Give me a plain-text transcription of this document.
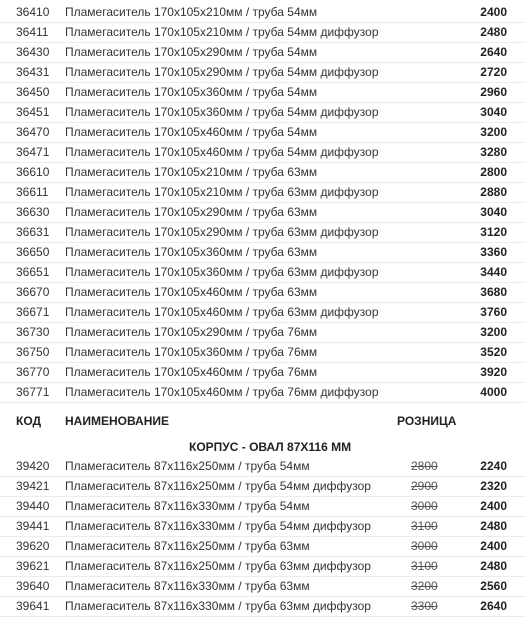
36410 Пламегаситель 170х105х210мм / труба 54мм	2400
36411 Пламегаситель 170х105х210мм / труба 54мм диффузор	2480
36430 Пламегаситель 170х105х290мм / труба 54мм	2640
36431 Пламегаситель 170х105х290мм / труба 54мм диффузор	2720
36450 Пламегаситель 170х105х360мм / труба 54мм	2960
36451 Пламегаситель 170х105х360мм / труба 54мм диффузор	3040
36470 Пламегаситель 170х105х460мм / труба 54мм	3200
36471 Пламегаситель 170х105х460мм / труба 54мм диффузор	3280
36610 Пламегаситель 170х105х210мм / труба 63мм	2800
36611 Пламегаситель 170х105х210мм / труба 63мм диффузор	2880
36630 Пламегаситель 170х105х290мм / труба 63мм	3040
36631 Пламегаситель 170х105х290мм / труба 63мм диффузор	3120
36650 Пламегаситель 170х105х360мм / труба 63мм	3360
36651 Пламегаситель 170х105х360мм / труба 63мм диффузор	3440
36670 Пламегаситель 170х105х460мм / труба 63мм	3680
36671 Пламегаситель 170х105х460мм / труба 63мм диффузор	3760
36730 Пламегаситель 170х105х290мм / труба 76мм	3200
36750 Пламегаситель 170х105х360мм / труба 76мм	3520
36770 Пламегаситель 170х105х460мм / труба 76мм	3920
36771 Пламегаситель 170х105х460мм / труба 76мм диффузор	4000
КОД НАИМЕНОВАНИЕ	РОЗНИЦА
КОРПУС - ОВАЛ 87Х116 ММ
39420 Пламегаситель 87х116х250мм / труба 54мм	2800	2240
39421 Пламегаситель 87х116х250мм / труба 54мм диффузор	2900	2320
39440 Пламегаситель 87х116х330мм / труба 54мм	3000	2400
39441 Пламегаситель 87х116х330мм / труба 54мм диффузор	3100	2480
39620 Пламегаситель 87х116х250мм / труба 63мм	3000	2400
39621 Пламегаситель 87х116х250мм / труба 63мм диффузор	3100	2480
39640 Пламегаситель 87х116х330мм / труба 63мм	3200	2560
39641 Пламегаситель 87х116х330мм / труба 63мм диффузор	3300	2640
